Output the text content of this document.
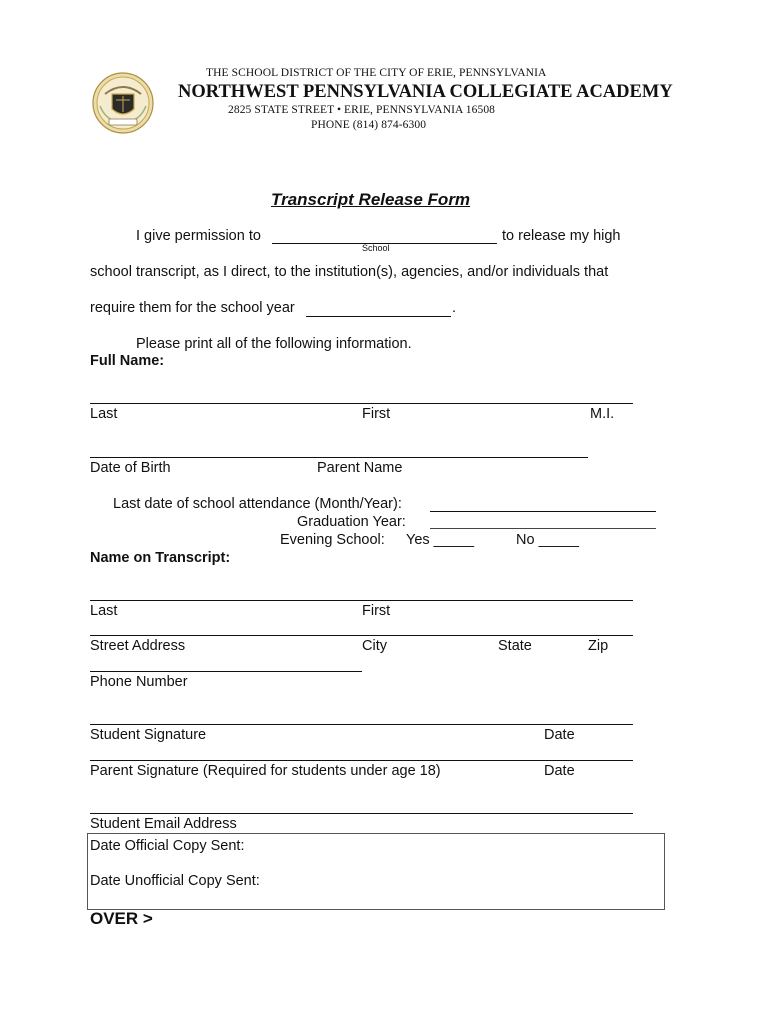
THE SCHOOL DISTRICT OF THE CITY OF ERIE, PENNSYLVANIA
NORTHWEST PENNSYLVANIA COLLEGIATE ACADEMY
2825 STATE STREET • ERIE, PENNSYLVANIA 16508
PHONE (814) 874-6300
Transcript Release Form
I give permission to
School
to release my high
school transcript, as I direct, to the institution(s), agencies, and/or individuals that
require them for the school year	.
Please print all of the following information.
Full Name:
Last	First	M.I.
Date of Birth	Parent Name
Last date of school attendance (Month/Year):
Graduation Year:
Evening School: Yes _____	No _____
Name on Transcript:
Last	First
Street Address	City	State	Zip
Phone Number
Student Signature	Date
Parent Signature (Required for students under age 18)	Date
Student Email Address
Date Official Copy Sent:
Date Unofficial Copy Sent:
OVER >
